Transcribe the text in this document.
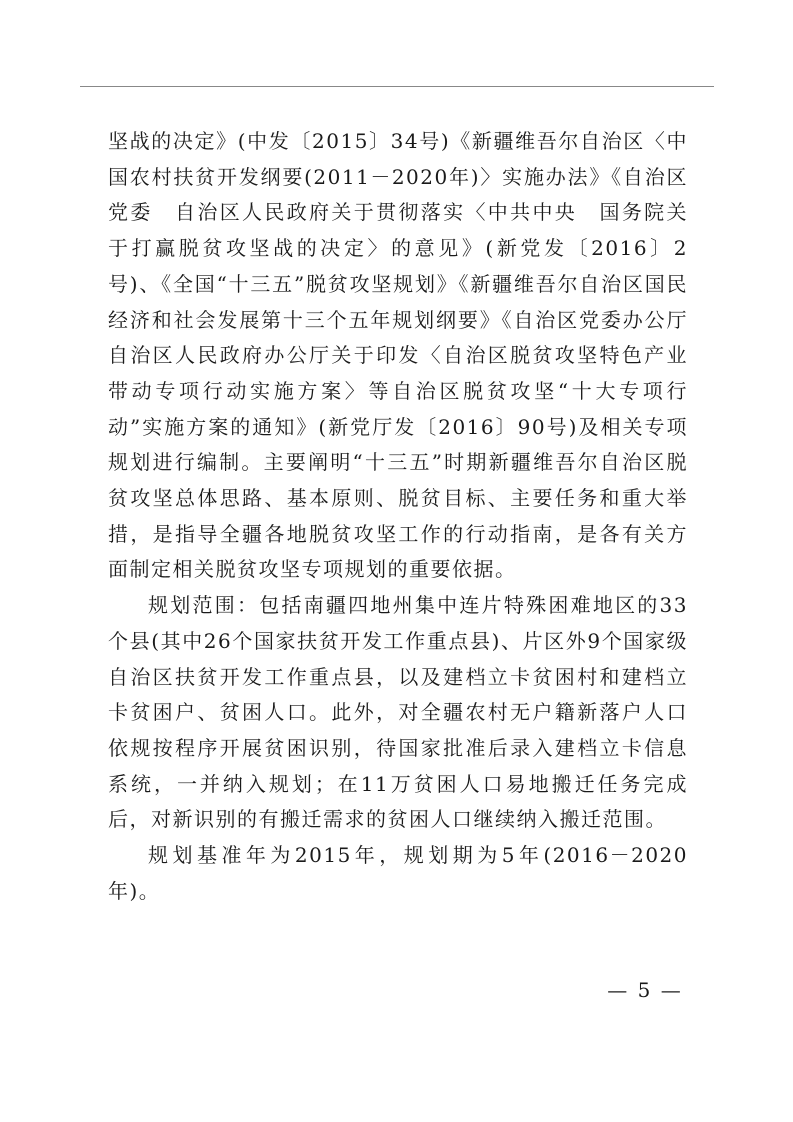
坚战的决定》(中发〔2015〕34号)《新疆维吾尔自治区〈中国农村扶贫开发纲要(2011－2020年)〉实施办法》《自治区党委　自治区人民政府关于贯彻落实〈中共中央　国务院关于打赢脱贫攻坚战的决定〉的意见》(新党发〔2016〕2号)、《全国“十三五”脱贫攻坚规划》《新疆维吾尔自治区国民经济和社会发展第十三个五年规划纲要》《自治区党委办公厅　自治区人民政府办公厅关于印发〈自治区脱贫攻坚特色产业带动专项行动实施方案〉等自治区脱贫攻坚“十大专项行动”实施方案的通知》(新党厅发〔2016〕90号)及相关专项规划进行编制。主要阐明“十三五”时期新疆维吾尔自治区脱贫攻坚总体思路、基本原则、脱贫目标、主要任务和重大举措，是指导全疆各地脱贫攻坚工作的行动指南，是各有关方面制定相关脱贫攻坚专项规划的重要依据。

规划范围：包括南疆四地州集中连片特殊困难地区的33个县(其中26个国家扶贫开发工作重点县)、片区外9个国家级自治区扶贫开发工作重点县，以及建档立卡贫困村和建档立卡贫困户、贫困人口。此外，对全疆农村无户籍新落户人口依规按程序开展贫困识别，待国家批准后录入建档立卡信息系统，一并纳入规划；在11万贫困人口易地搬迁任务完成后，对新识别的有搬迁需求的贫困人口继续纳入搬迁范围。

规划基准年为2015年，规划期为5年(2016－2020年)。

— 5 —
